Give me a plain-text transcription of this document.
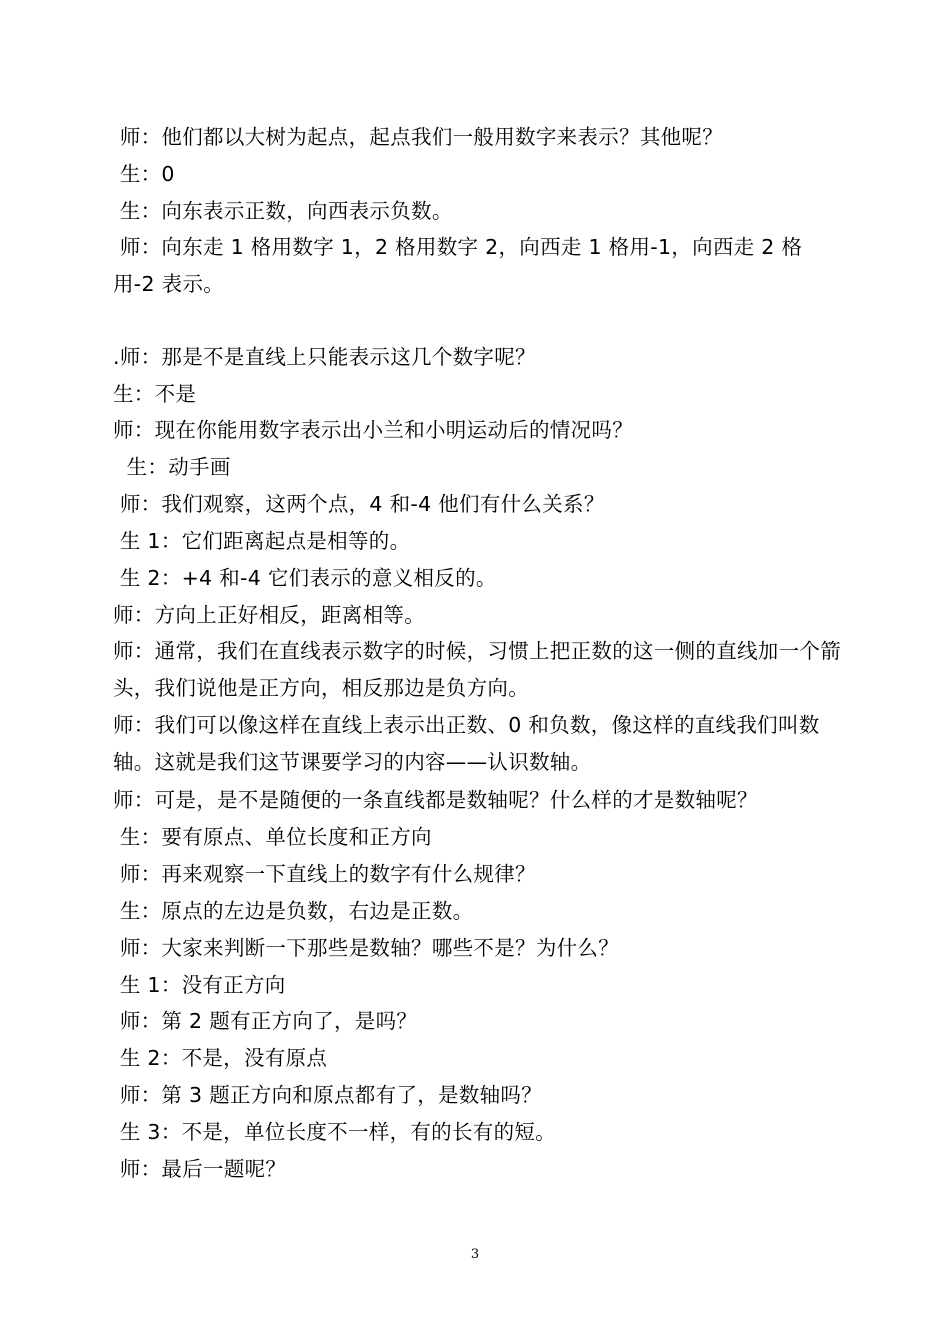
师：他们都以大树为起点，起点我们一般用数字来表示？其他呢？
生：0
生：向东表示正数，向西表示负数。
师：向东走 1 格用数字 1，2 格用数字 2，向西走 1 格用-1，向西走 2 格用-2 表示。
.师：那是不是直线上只能表示这几个数字呢？
生：不是
师：现在你能用数字表示出小兰和小明运动后的情况吗？
生：动手画
师：我们观察，这两个点，4 和-4 他们有什么关系？
生 1：它们距离起点是相等的。
生 2：+4 和-4 它们表示的意义相反的。
师：方向上正好相反，距离相等。
师：通常，我们在直线表示数字的时候，习惯上把正数的这一侧的直线加一个箭头，我们说他是正方向，相反那边是负方向。
师：我们可以像这样在直线上表示出正数、0 和负数，像这样的直线我们叫数轴。这就是我们这节课要学习的内容——认识数轴。
师：可是，是不是随便的一条直线都是数轴呢？什么样的才是数轴呢？
生：要有原点、单位长度和正方向
师：再来观察一下直线上的数字有什么规律？
生：原点的左边是负数，右边是正数。
师：大家来判断一下那些是数轴？哪些不是？为什么？
生 1：没有正方向
师：第 2 题有正方向了，是吗？
生 2：不是，没有原点
师：第 3 题正方向和原点都有了，是数轴吗？
生 3：不是，单位长度不一样，有的长有的短。
师：最后一题呢？
3
